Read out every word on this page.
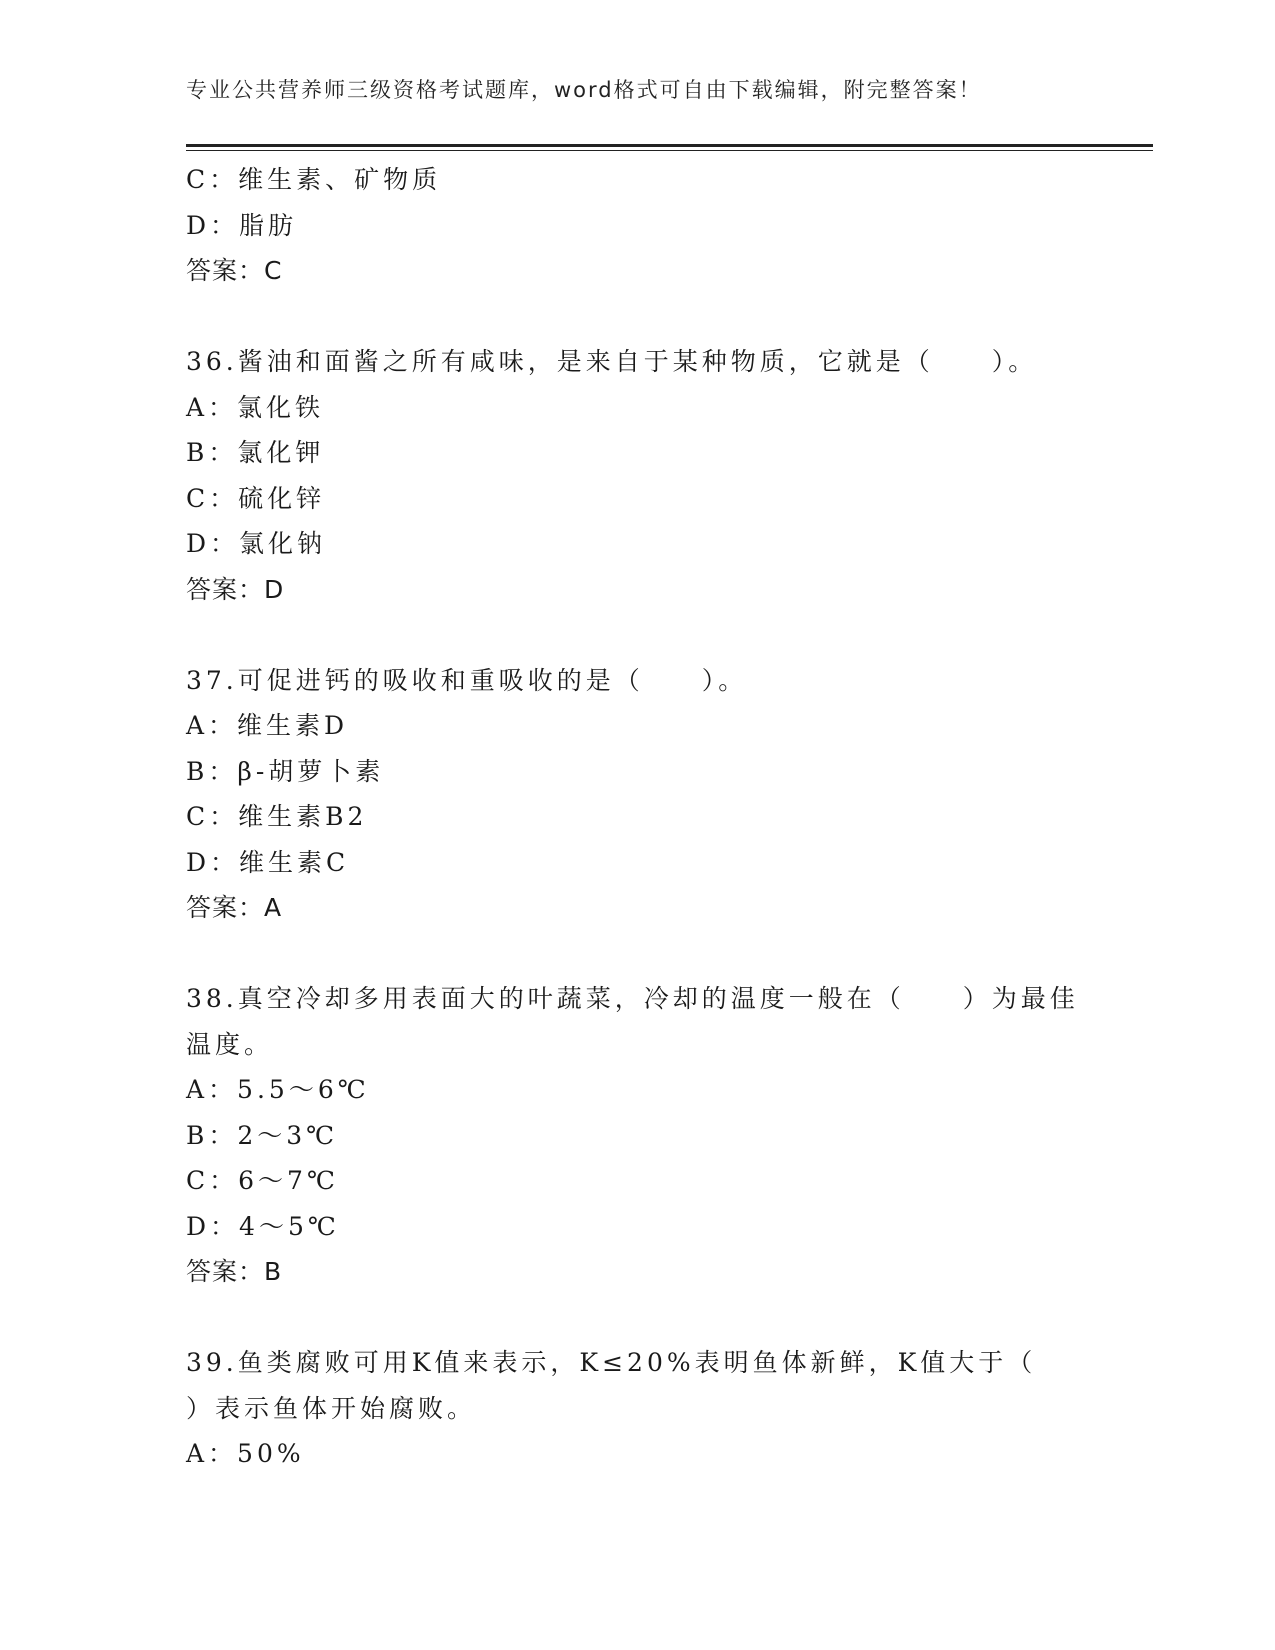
专业公共营养师三级资格考试题库，word格式可自由下载编辑，附完整答案！
C：维生素、矿物质
D：脂肪
答案：C
36.酱油和面酱之所有咸味，是来自于某种物质，它就是（　　）。
A：氯化铁
B：氯化钾
C：硫化锌
D：氯化钠
答案：D
37.可促进钙的吸收和重吸收的是（　　）。
A：维生素D
B：β-胡萝卜素
C：维生素B2
D：维生素C
答案：A
38.真空冷却多用表面大的叶蔬菜，冷却的温度一般在（　　）为最佳
温度。
A：5.5～6℃
B：2～3℃
C：6～7℃
D：4～5℃
答案：B
39.鱼类腐败可用K值来表示，K≤20%表明鱼体新鲜，K值大于（
）表示鱼体开始腐败。
A：50%
